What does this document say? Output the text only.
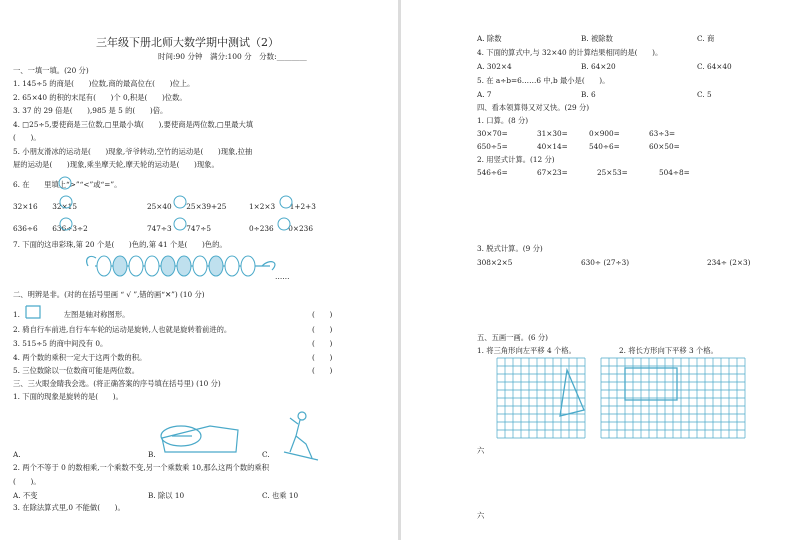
三年级下册北师大数学期中测试（2）
时间:90 分钟　满分:100 分　分数:________
一、一填一填。(20 分)
1. 145÷5 的商是(　　)位数,商的最高位在(　　)位上。
2. 65×40 的积的末尾有(　　)个 0,积是(　　)位数。
3. 37 的 29 倍是(　　),985 是 5 的(　　)倍。
4. □25÷5,要使商是三位数,□里最小填(　　),要使商是两位数,□里最大填
(　　)。
5. 小朋友滑冰的运动是(　　)现象,爷爷转动,空竹的运动是(　　)现象,拉抽
屉的运动是(　　)现象,乘坐摩天轮,摩天轮的运动是(　　)现象。
6. 在　　里填上“>”“<”或“=”。
32×16　　32×15	25×40　　25×39+25	1×2×3　　1+2+3
636÷6　　636÷3÷2	747÷3　　747÷5	0÷236　　0×236
7. 下面的这串彩珠,第 20 个是(　　)色的,第 41 个是(　　)色的。
……
二、明辨是非。(对的在括号里画 “ √ ”,错的画“✕”) (10 分)
1.　　　　　　左图是轴对称图形。	(　　)
2. 骑自行车前进,自行车车轮的运动是旋转,人也就是旋转着前进的。	(　　)
3. 515÷5 的商中间没有 0。	(　　)
4. 两个数的乘积一定大于这两个数的积。	(　　)
5. 三位数除以一位数商可能是两位数。	(　　)
三、三火眼金睛我会选。(将正确答案的序号填在括号里) (10 分)
1. 下面的现象是旋转的是(　　)。
A.	B.	C.
2. 两个不等于 0 的数相乘,一个乘数不变,另一个乘数乘 10,那么这两个数的乘积
(　　)。
A. 不变	B. 除以 10	C. 也乘 10
3. 在除法算式里,0 不能做(　　)。
A. 除数	B. 被除数	C. 商
4. 下面的算式中,与 32×40 的计算结果相同的是(　　)。
A. 302×4	B. 64×20	C. 64×40
5. 在 a÷b=6……6 中,b 最小是(　　)。
A. 7	B. 6	C. 5
四、看本领算得又对又快。(29 分)
1. 口算。(8 分)
30×70=	31×30=	0×900=	63÷3=
650÷5=	40×14=	540÷6=	60×50=
2. 用竖式计算。(12 分)
546÷6=	67×23=	25×53=	504÷8=
3. 脱式计算。(9 分)
308×2×5	630÷ (27÷3)	234÷ (2×3)
五、五画一画。(6 分)
1. 将三角形向左平移 4 个格。	2. 将长方形向下平移 3 个格。
六
六
